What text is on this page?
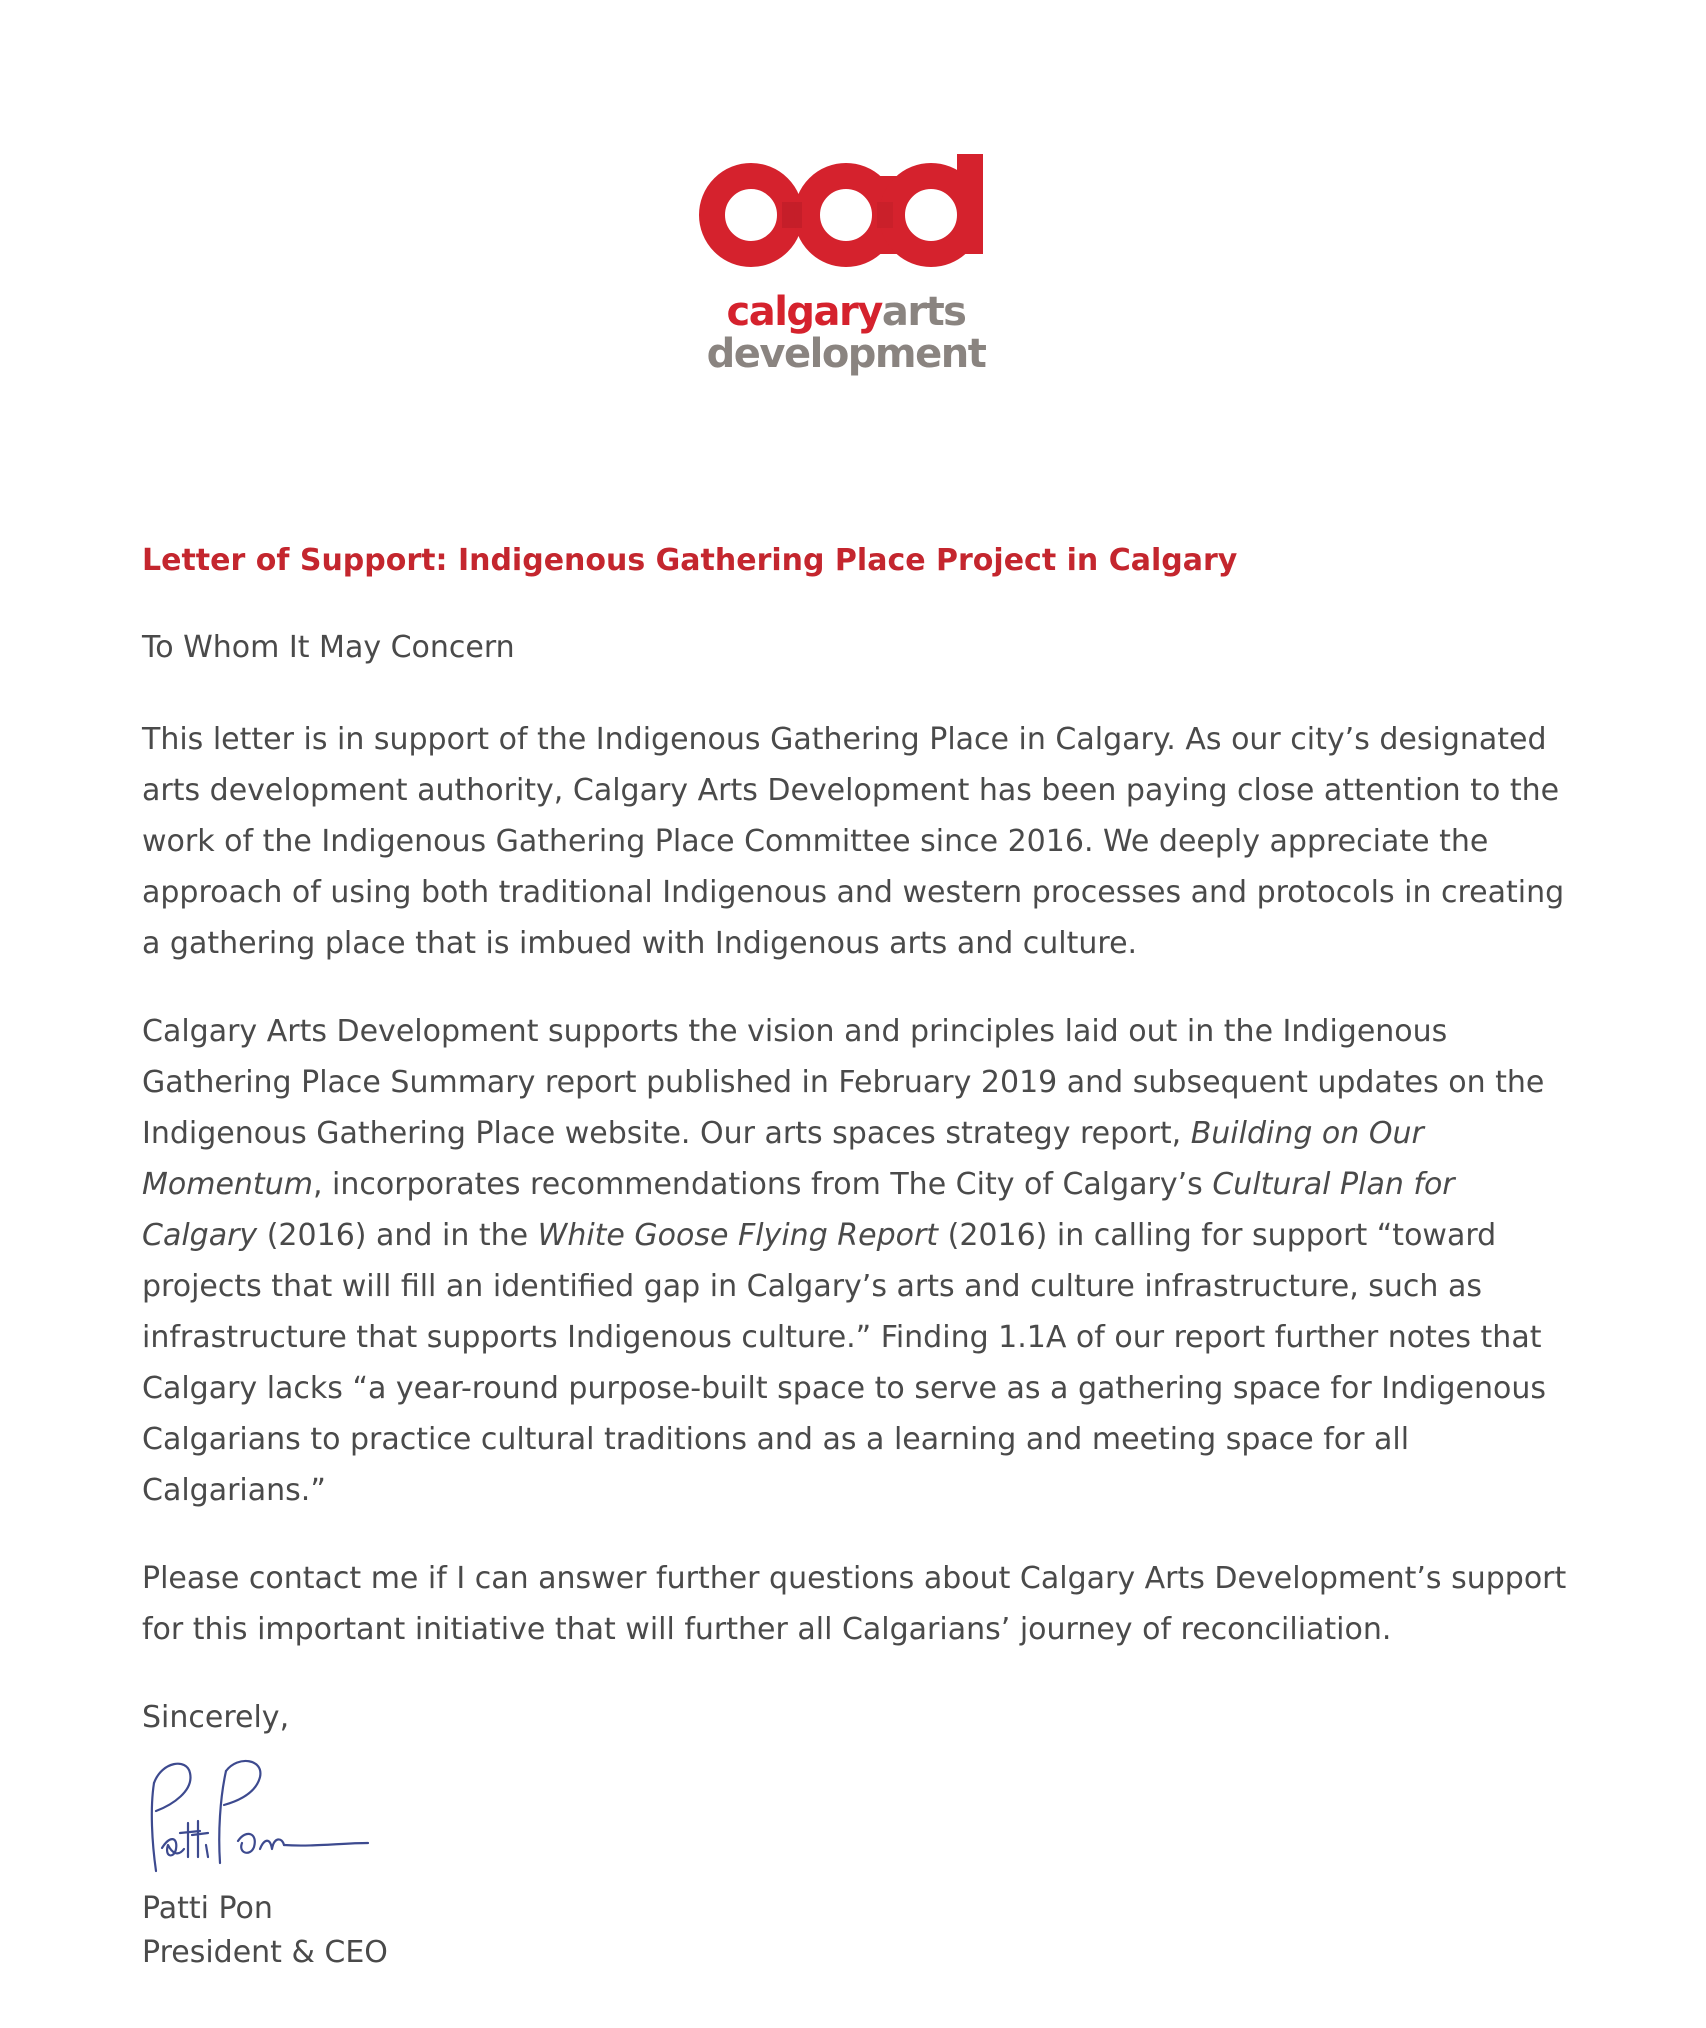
calgaryarts
development

Letter of Support: Indigenous Gathering Place Project in Calgary

To Whom It May Concern

This letter is in support of the Indigenous Gathering Place in Calgary. As our city’s designated arts development authority, Calgary Arts Development has been paying close attention to the work of the Indigenous Gathering Place Committee since 2016. We deeply appreciate the approach of using both traditional Indigenous and western processes and protocols in creating a gathering place that is imbued with Indigenous arts and culture.

Calgary Arts Development supports the vision and principles laid out in the Indigenous Gathering Place Summary report published in February 2019 and subsequent updates on the Indigenous Gathering Place website. Our arts spaces strategy report, Building on Our Momentum, incorporates recommendations from The City of Calgary’s Cultural Plan for Calgary (2016) and in the White Goose Flying Report (2016) in calling for support “toward projects that will fill an identified gap in Calgary’s arts and culture infrastructure, such as infrastructure that supports Indigenous culture.” Finding 1.1A of our report further notes that Calgary lacks “a year-round purpose-built space to serve as a gathering space for Indigenous Calgarians to practice cultural traditions and as a learning and meeting space for all Calgarians.”

Please contact me if I can answer further questions about Calgary Arts Development’s support for this important initiative that will further all Calgarians’ journey of reconciliation.

Sincerely,

Patti Pon

President & CEO
